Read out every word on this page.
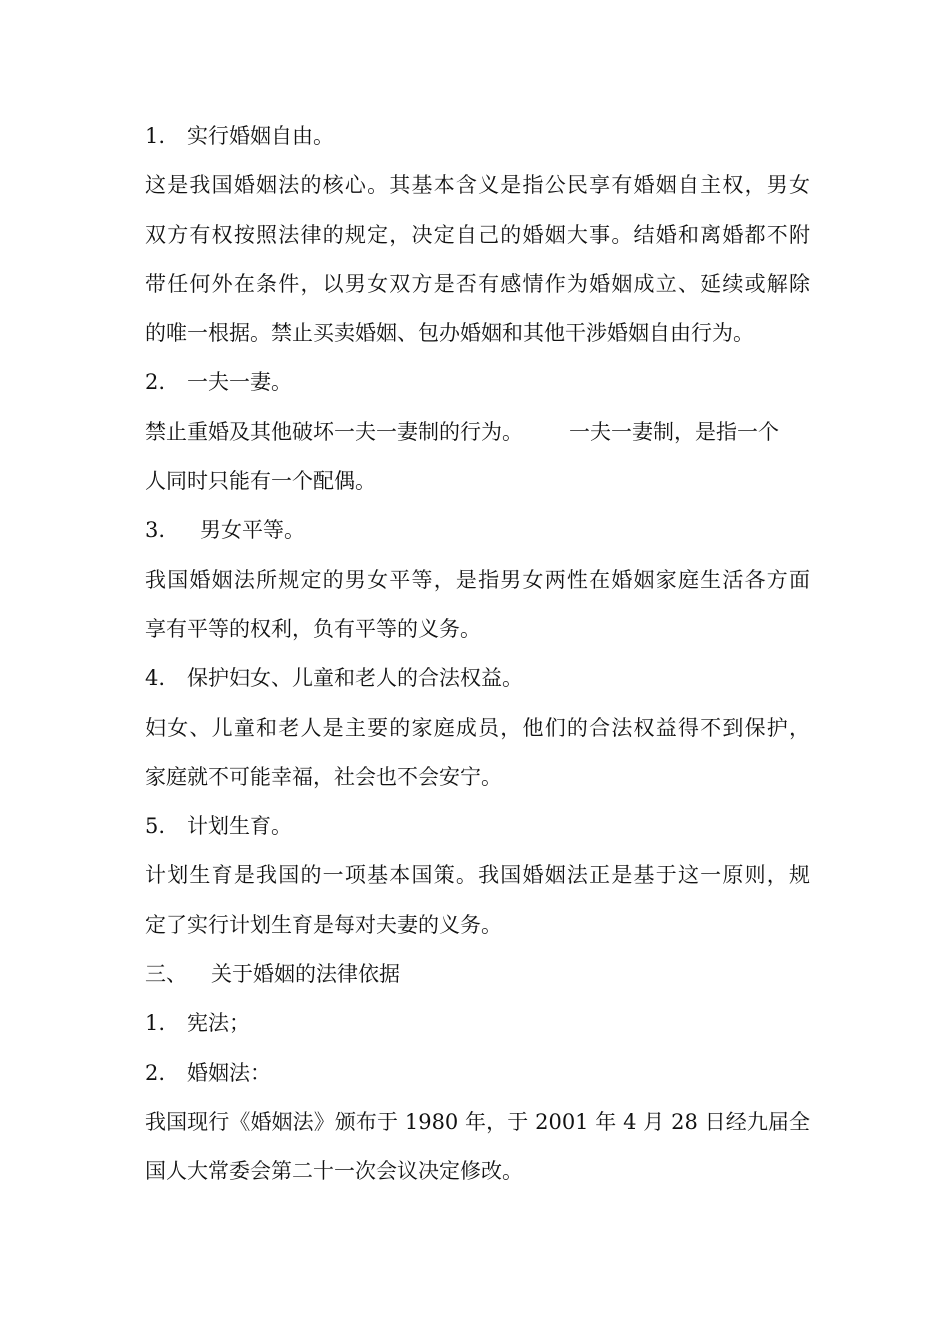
1. 实行婚姻自由。
这是我国婚姻法的核心。其基本含义是指公民享有婚姻自主权，男女
双方有权按照法律的规定，决定自己的婚姻大事。结婚和离婚都不附
带任何外在条件，以男女双方是否有感情作为婚姻成立、延续或解除
的唯一根据。禁止买卖婚姻、包办婚姻和其他干涉婚姻自由行为。
2. 一夫一妻。
禁止重婚及其他破坏一夫一妻制的行为。 一夫一妻制，是指一个
人同时只能有一个配偶。
3. 男女平等。
我国婚姻法所规定的男女平等，是指男女两性在婚姻家庭生活各方面
享有平等的权利，负有平等的义务。
4. 保护妇女、儿童和老人的合法权益。
妇女、儿童和老人是主要的家庭成员，他们的合法权益得不到保护，
家庭就不可能幸福，社会也不会安宁。
5. 计划生育。
计划生育是我国的一项基本国策。我国婚姻法正是基于这一原则，规
定了实行计划生育是每对夫妻的义务。
三、 关于婚姻的法律依据
1. 宪法；
2. 婚姻法：
我国现行《婚姻法》颁布于 1980 年，于 2001 年 4 月 28 日经九届全
国人大常委会第二十一次会议决定修改。
